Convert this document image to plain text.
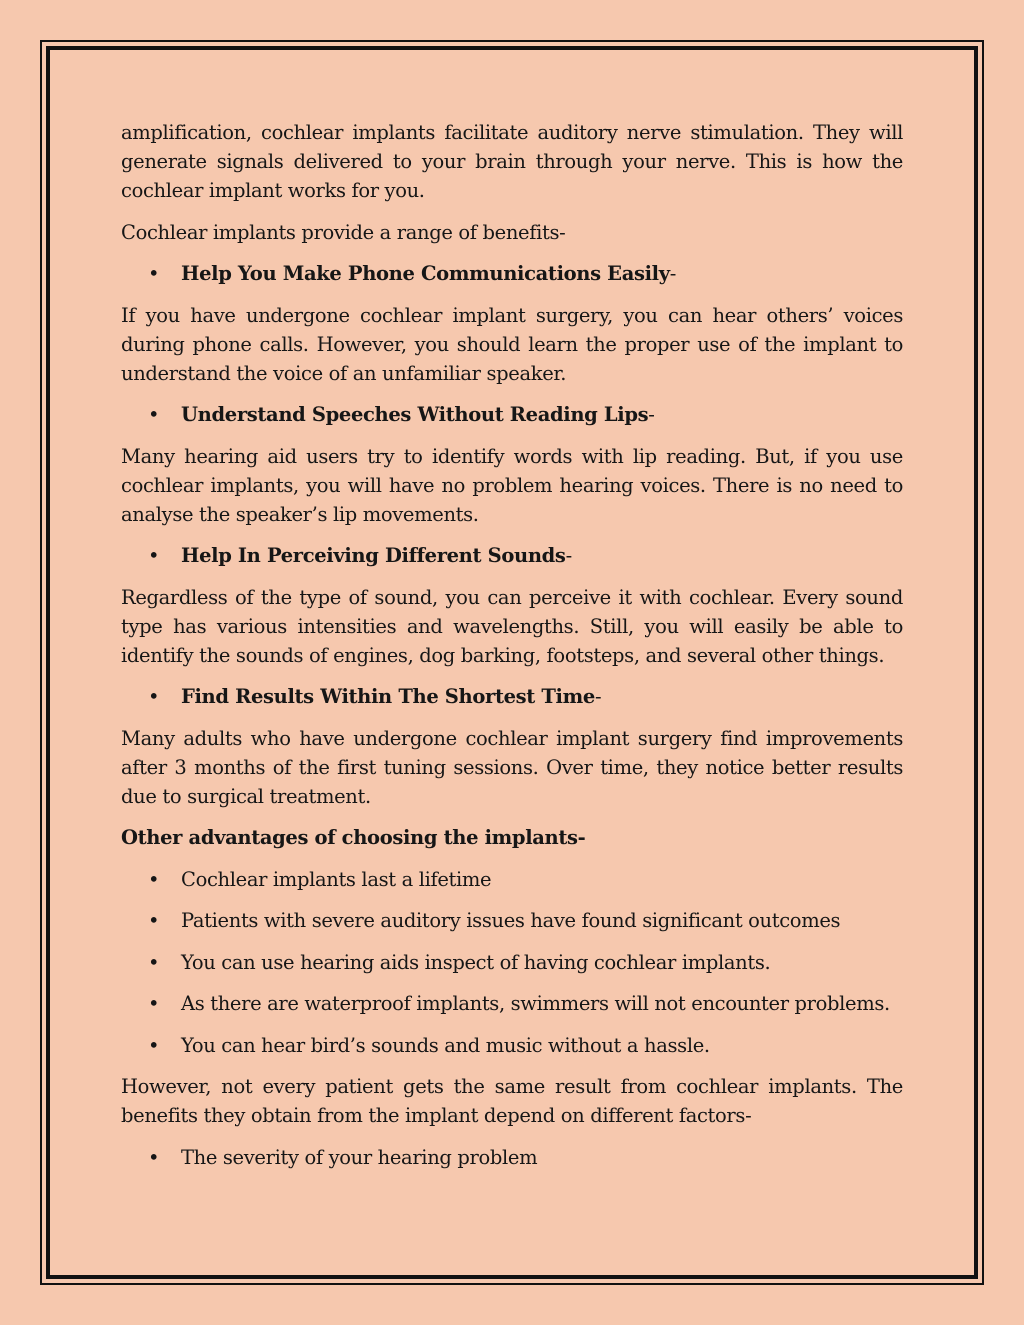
amplification, cochlear implants facilitate auditory nerve stimulation. They will generate signals delivered to your brain through your nerve. This is how the cochlear implant works for you.

Cochlear implants provide a range of benefits-

• Help You Make Phone Communications Easily-

If you have undergone cochlear implant surgery, you can hear others’ voices during phone calls. However, you should learn the proper use of the implant to understand the voice of an unfamiliar speaker.

• Understand Speeches Without Reading Lips-

Many hearing aid users try to identify words with lip reading. But, if you use cochlear implants, you will have no problem hearing voices. There is no need to analyse the speaker’s lip movements.

• Help In Perceiving Different Sounds-

Regardless of the type of sound, you can perceive it with cochlear. Every sound type has various intensities and wavelengths. Still, you will easily be able to identify the sounds of engines, dog barking, footsteps, and several other things.

• Find Results Within The Shortest Time-

Many adults who have undergone cochlear implant surgery find improvements after 3 months of the first tuning sessions. Over time, they notice better results due to surgical treatment.

Other advantages of choosing the implants-

• Cochlear implants last a lifetime
• Patients with severe auditory issues have found significant outcomes
• You can use hearing aids inspect of having cochlear implants.
• As there are waterproof implants, swimmers will not encounter problems.
• You can hear bird’s sounds and music without a hassle.

However, not every patient gets the same result from cochlear implants. The benefits they obtain from the implant depend on different factors-

• The severity of your hearing problem
